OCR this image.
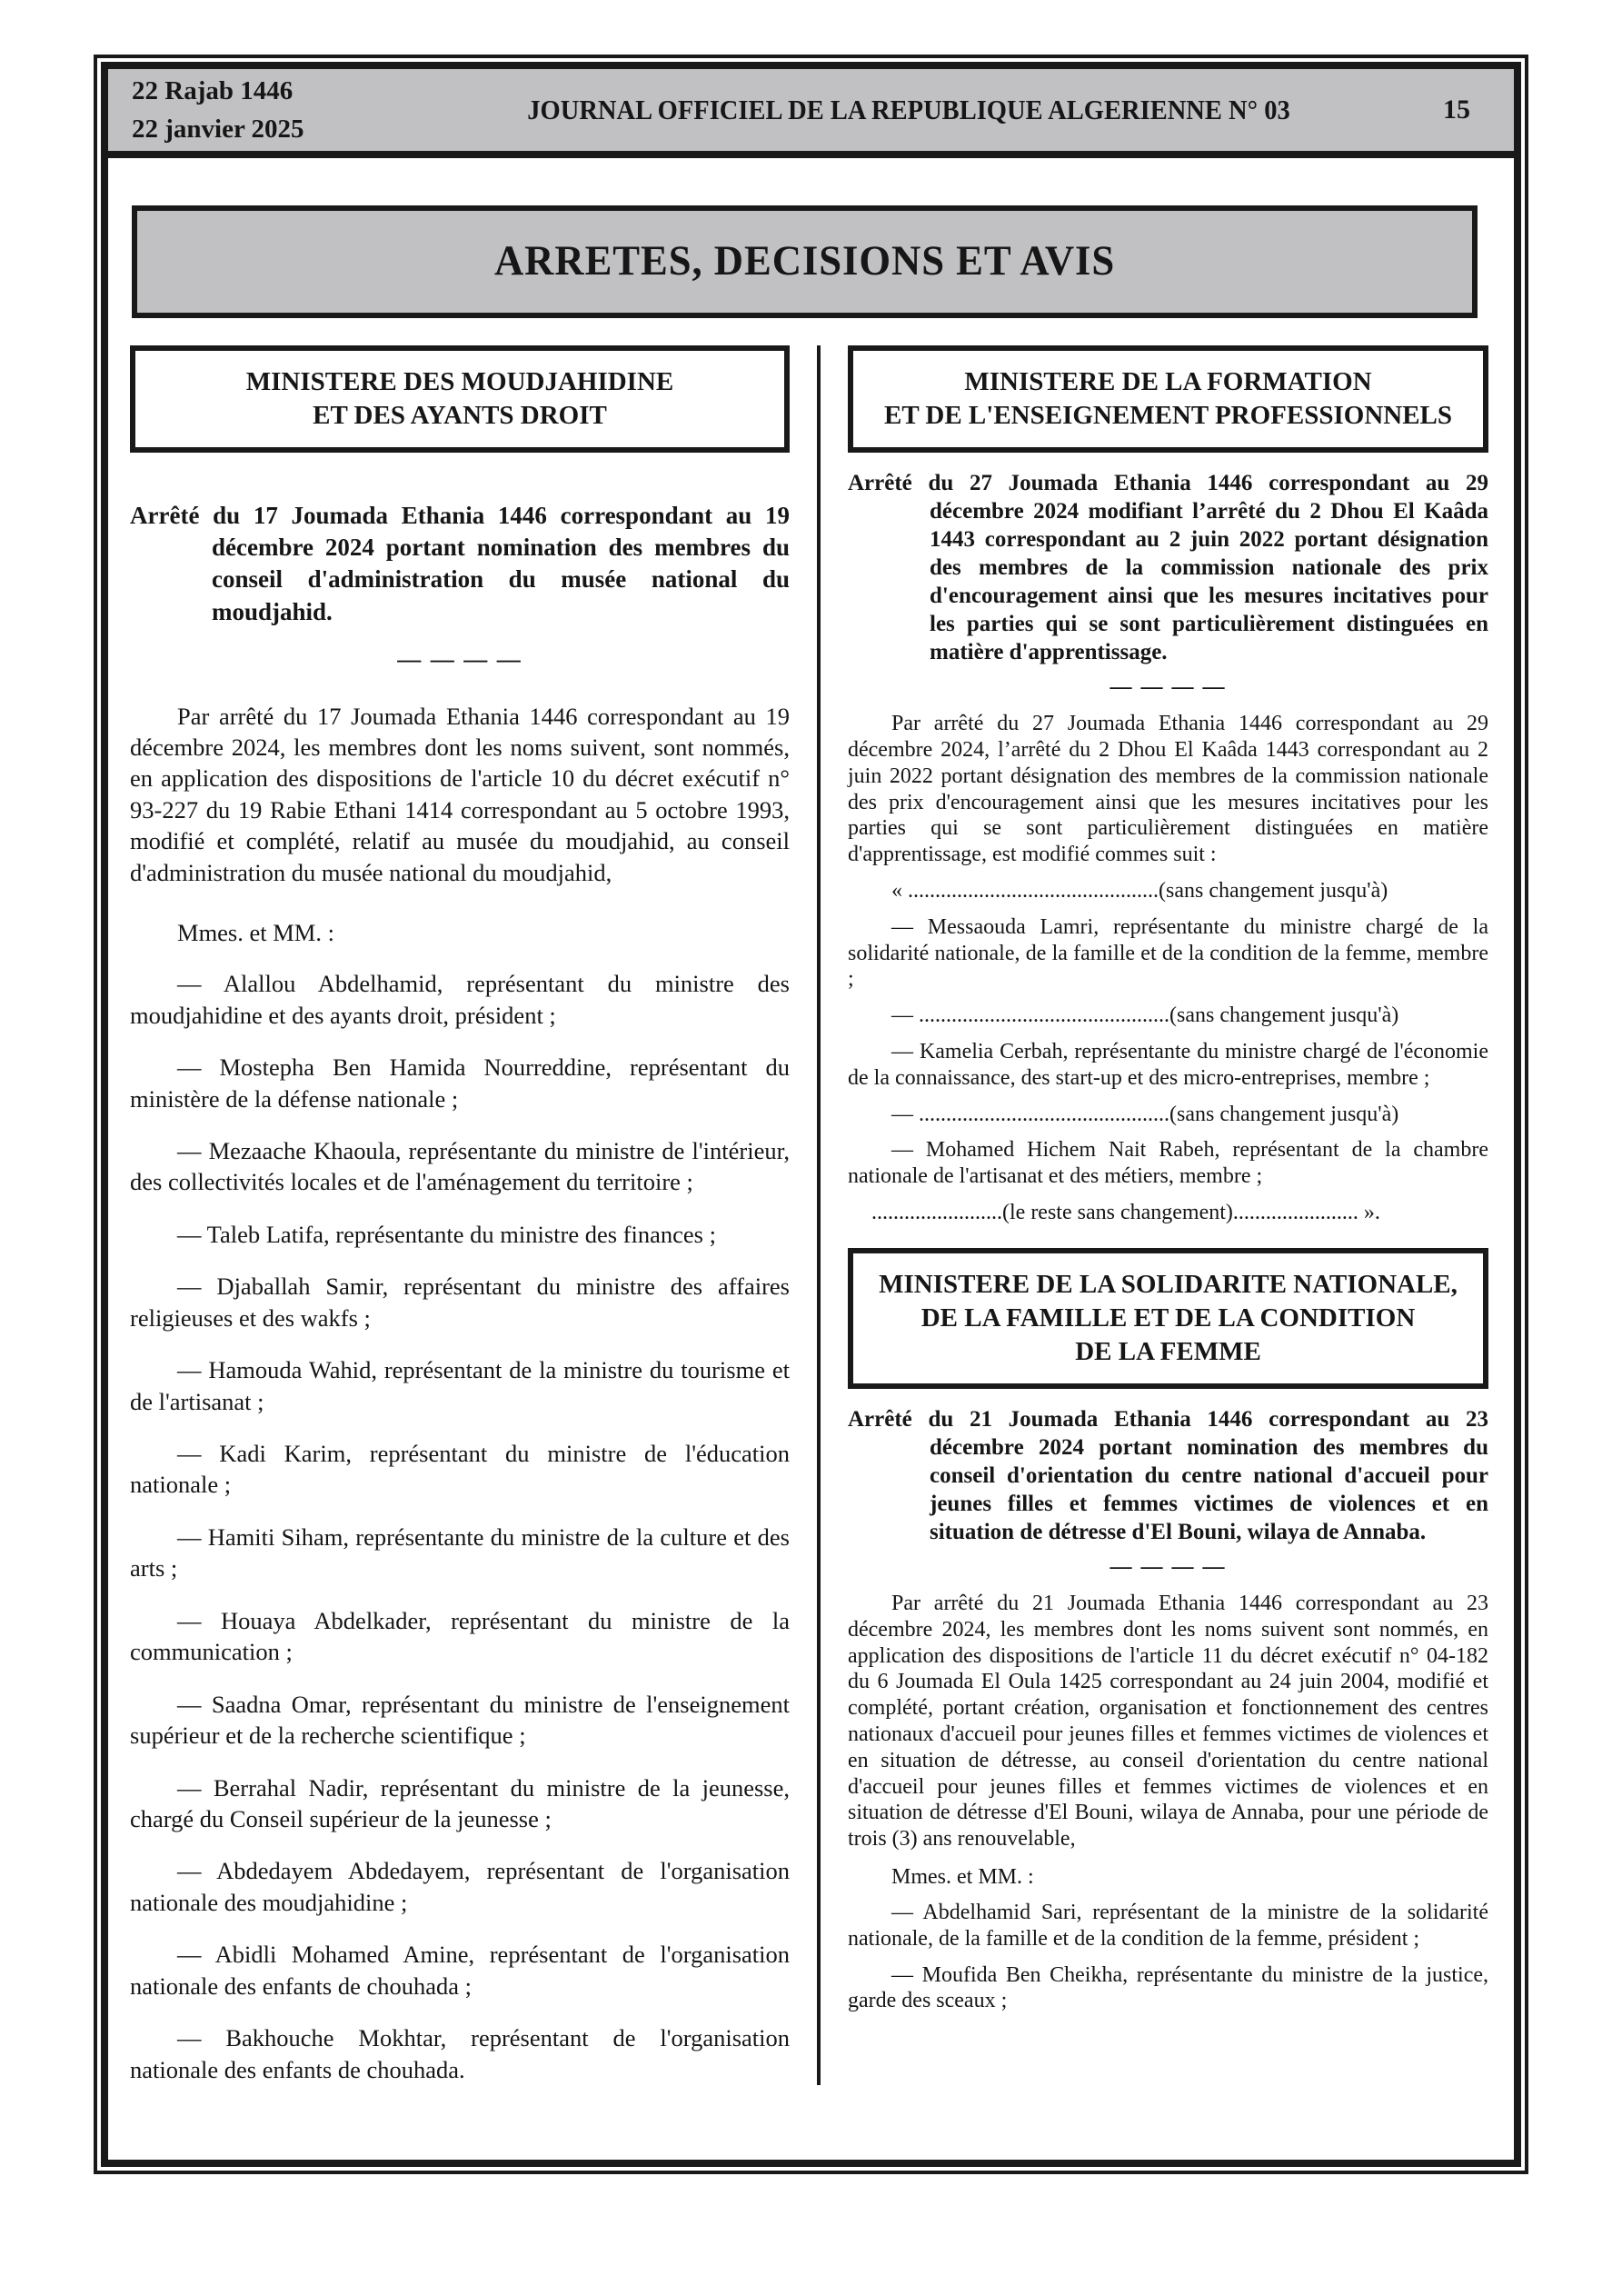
22 Rajab 1446
22 janvier 2025
JOURNAL OFFICIEL DE LA REPUBLIQUE ALGERIENNE N° 03	15
ARRETES, DECISIONS ET AVIS
MINISTERE DES MOUDJAHIDINE
ET DES AYANTS DROIT

Arrêté du 17 Joumada Ethania 1446 correspondant au 19 décembre 2024 portant nomination des membres du conseil d'administration du musée national du moudjahid.

— — — —

Par arrêté du 17 Joumada Ethania 1446 correspondant au 19 décembre 2024, les membres dont les noms suivent, sont nommés, en application des dispositions de l'article 10 du décret exécutif n° 93-227 du 19 Rabie Ethani 1414 correspondant au 5 octobre 1993, modifié et complété, relatif au musée du moudjahid, au conseil d'administration du musée national du moudjahid,

Mmes. et MM. :

— Alallou Abdelhamid, représentant du ministre des moudjahidine et des ayants droit, président ;

— Mostepha Ben Hamida Nourreddine, représentant du ministère de la défense nationale ;

— Mezaache Khaoula, représentante du ministre de l'intérieur, des collectivités locales et de l'aménagement du territoire ;

— Taleb Latifa, représentante du ministre des finances ;

— Djaballah Samir, représentant du ministre des affaires religieuses et des wakfs ;

— Hamouda Wahid, représentant de la ministre du tourisme et de l'artisanat ;

— Kadi Karim, représentant du ministre de l'éducation nationale ;

— Hamiti Siham, représentante du ministre de la culture et des arts ;

— Houaya Abdelkader, représentant du ministre de la communication ;

— Saadna Omar, représentant du ministre de l'enseignement supérieur et de la recherche scientifique ;

— Berrahal Nadir, représentant du ministre de la jeunesse, chargé du Conseil supérieur de la jeunesse ;

— Abdedayem Abdedayem, représentant de l'organisation nationale des moudjahidine ;

— Abidli Mohamed Amine, représentant de l'organisation nationale des enfants de chouhada ;

— Bakhouche Mokhtar, représentant de l'organisation nationale des enfants de chouhada.

MINISTERE DE LA FORMATION
ET DE L'ENSEIGNEMENT PROFESSIONNELS

Arrêté du 27 Joumada Ethania 1446 correspondant au 29 décembre 2024 modifiant l’arrêté du 2 Dhou El Kaâda 1443 correspondant au 2 juin 2022 portant désignation des membres de la commission nationale des prix d'encouragement ainsi que les mesures incitatives pour les parties qui se sont particulièrement distinguées en matière d'apprentissage.

— — — —

Par arrêté du 27 Joumada Ethania 1446 correspondant au 29 décembre 2024, l’arrêté du 2 Dhou El Kaâda 1443 correspondant au 2 juin 2022 portant désignation des membres de la commission nationale des prix d'encouragement ainsi que les mesures incitatives pour les parties qui se sont particulièrement distinguées en matière d'apprentissage, est modifié commes suit :

« ..............................................(sans changement jusqu'à)

— Messaouda Lamri, représentante du ministre chargé de la solidarité nationale, de la famille et de la condition de la femme, membre ;

— ..............................................(sans changement jusqu'à)

— Kamelia Cerbah, représentante du ministre chargé de l'économie de la connaissance, des start-up et des micro-entreprises, membre ;

— ..............................................(sans changement jusqu'à)

— Mohamed Hichem Nait Rabeh, représentant de la chambre nationale de l'artisanat et des métiers, membre ;

........................(le reste sans changement)....................... ».

MINISTERE DE LA SOLIDARITE NATIONALE,
DE LA FAMILLE ET DE LA CONDITION
DE LA FEMME

Arrêté du 21 Joumada Ethania 1446 correspondant au 23 décembre 2024 portant nomination des membres du conseil d'orientation du centre national d'accueil pour jeunes filles et femmes victimes de violences et en situation de détresse d'El Bouni, wilaya de Annaba.

— — — —

Par arrêté du 21 Joumada Ethania 1446 correspondant au 23 décembre 2024, les membres dont les noms suivent sont nommés, en application des dispositions de l'article 11 du décret exécutif n° 04-182 du 6 Joumada El Oula 1425 correspondant au 24 juin 2004, modifié et complété, portant création, organisation et fonctionnement des centres nationaux d'accueil pour jeunes filles et femmes victimes de violences et en situation de détresse, au conseil d'orientation du centre national d'accueil pour jeunes filles et femmes victimes de violences et en situation de détresse d'El Bouni, wilaya de Annaba, pour une période de trois (3) ans renouvelable,

Mmes. et MM. :

— Abdelhamid Sari, représentant de la ministre de la solidarité nationale, de la famille et de la condition de la femme, président ;

— Moufida Ben Cheikha, représentante du ministre de la justice, garde des sceaux ;
